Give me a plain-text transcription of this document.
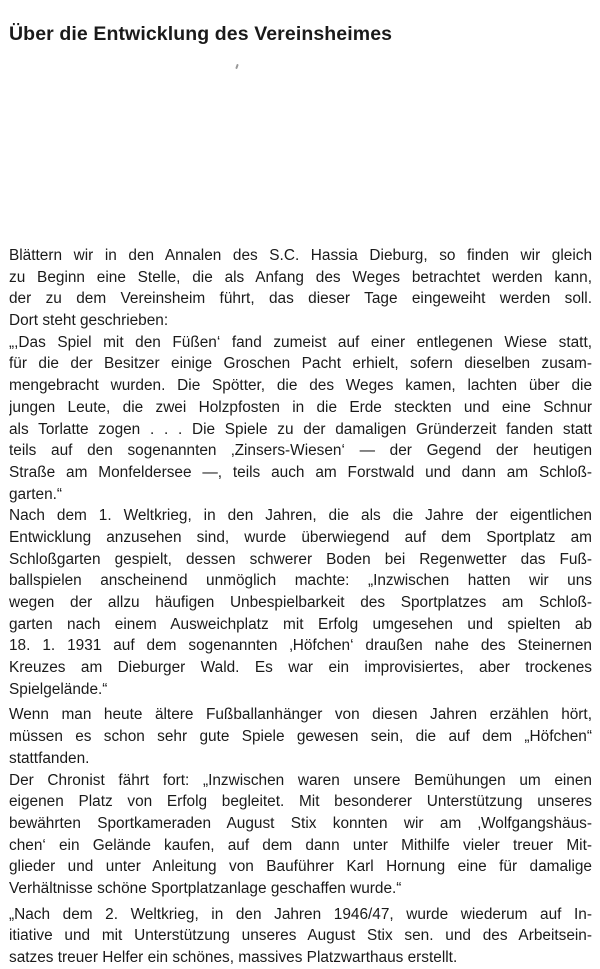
Über die Entwicklung des Vereinsheimes
Blättern wir in den Annalen des S.C. Hassia Dieburg, so finden wir gleich
zu Beginn eine Stelle, die als Anfang des Weges betrachtet werden kann,
der zu dem Vereinsheim führt, das dieser Tage eingeweiht werden soll.
Dort steht geschrieben:
„,Das Spiel mit den Füßen‘ fand zumeist auf einer entlegenen Wiese statt,
für die der Besitzer einige Groschen Pacht erhielt, sofern dieselben zusam-
mengebracht wurden. Die Spötter, die des Weges kamen, lachten über die
jungen Leute, die zwei Holzpfosten in die Erde steckten und eine Schnur
als Torlatte zogen . . . Die Spiele zu der damaligen Gründerzeit fanden statt
teils auf den sogenannten ‚Zinsers-Wiesen‘ — der Gegend der heutigen
Straße am Monfeldersee —, teils auch am Forstwald und dann am Schloß-
garten.“
Nach dem 1. Weltkrieg, in den Jahren, die als die Jahre der eigentlichen
Entwicklung anzusehen sind, wurde überwiegend auf dem Sportplatz am
Schloßgarten gespielt, dessen schwerer Boden bei Regenwetter das Fuß-
ballspielen anscheinend unmöglich machte: „Inzwischen hatten wir uns
wegen der allzu häufigen Unbespielbarkeit des Sportplatzes am Schloß-
garten nach einem Ausweichplatz mit Erfolg umgesehen und spielten ab
18. 1. 1931 auf dem sogenannten ‚Höfchen‘ draußen nahe des Steinernen
Kreuzes am Dieburger Wald. Es war ein improvisiertes, aber trockenes
Spielgelände.“
Wenn man heute ältere Fußballanhänger von diesen Jahren erzählen hört,
müssen es schon sehr gute Spiele gewesen sein, die auf dem „Höfchen“
stattfanden.
Der Chronist fährt fort: „Inzwischen waren unsere Bemühungen um einen
eigenen Platz von Erfolg begleitet. Mit besonderer Unterstützung unseres
bewährten Sportkameraden August Stix konnten wir am ‚Wolfgangshäus-
chen‘ ein Gelände kaufen, auf dem dann unter Mithilfe vieler treuer Mit-
glieder und unter Anleitung von Bauführer Karl Hornung eine für damalige
Verhältnisse schöne Sportplatzanlage geschaffen wurde.“
„Nach dem 2. Weltkrieg, in den Jahren 1946/47, wurde wiederum auf In-
itiative und mit Unterstützung unseres August Stix sen. und des Arbeitsein-
satzes treuer Helfer ein schönes, massives Platzwarthaus erstellt.
